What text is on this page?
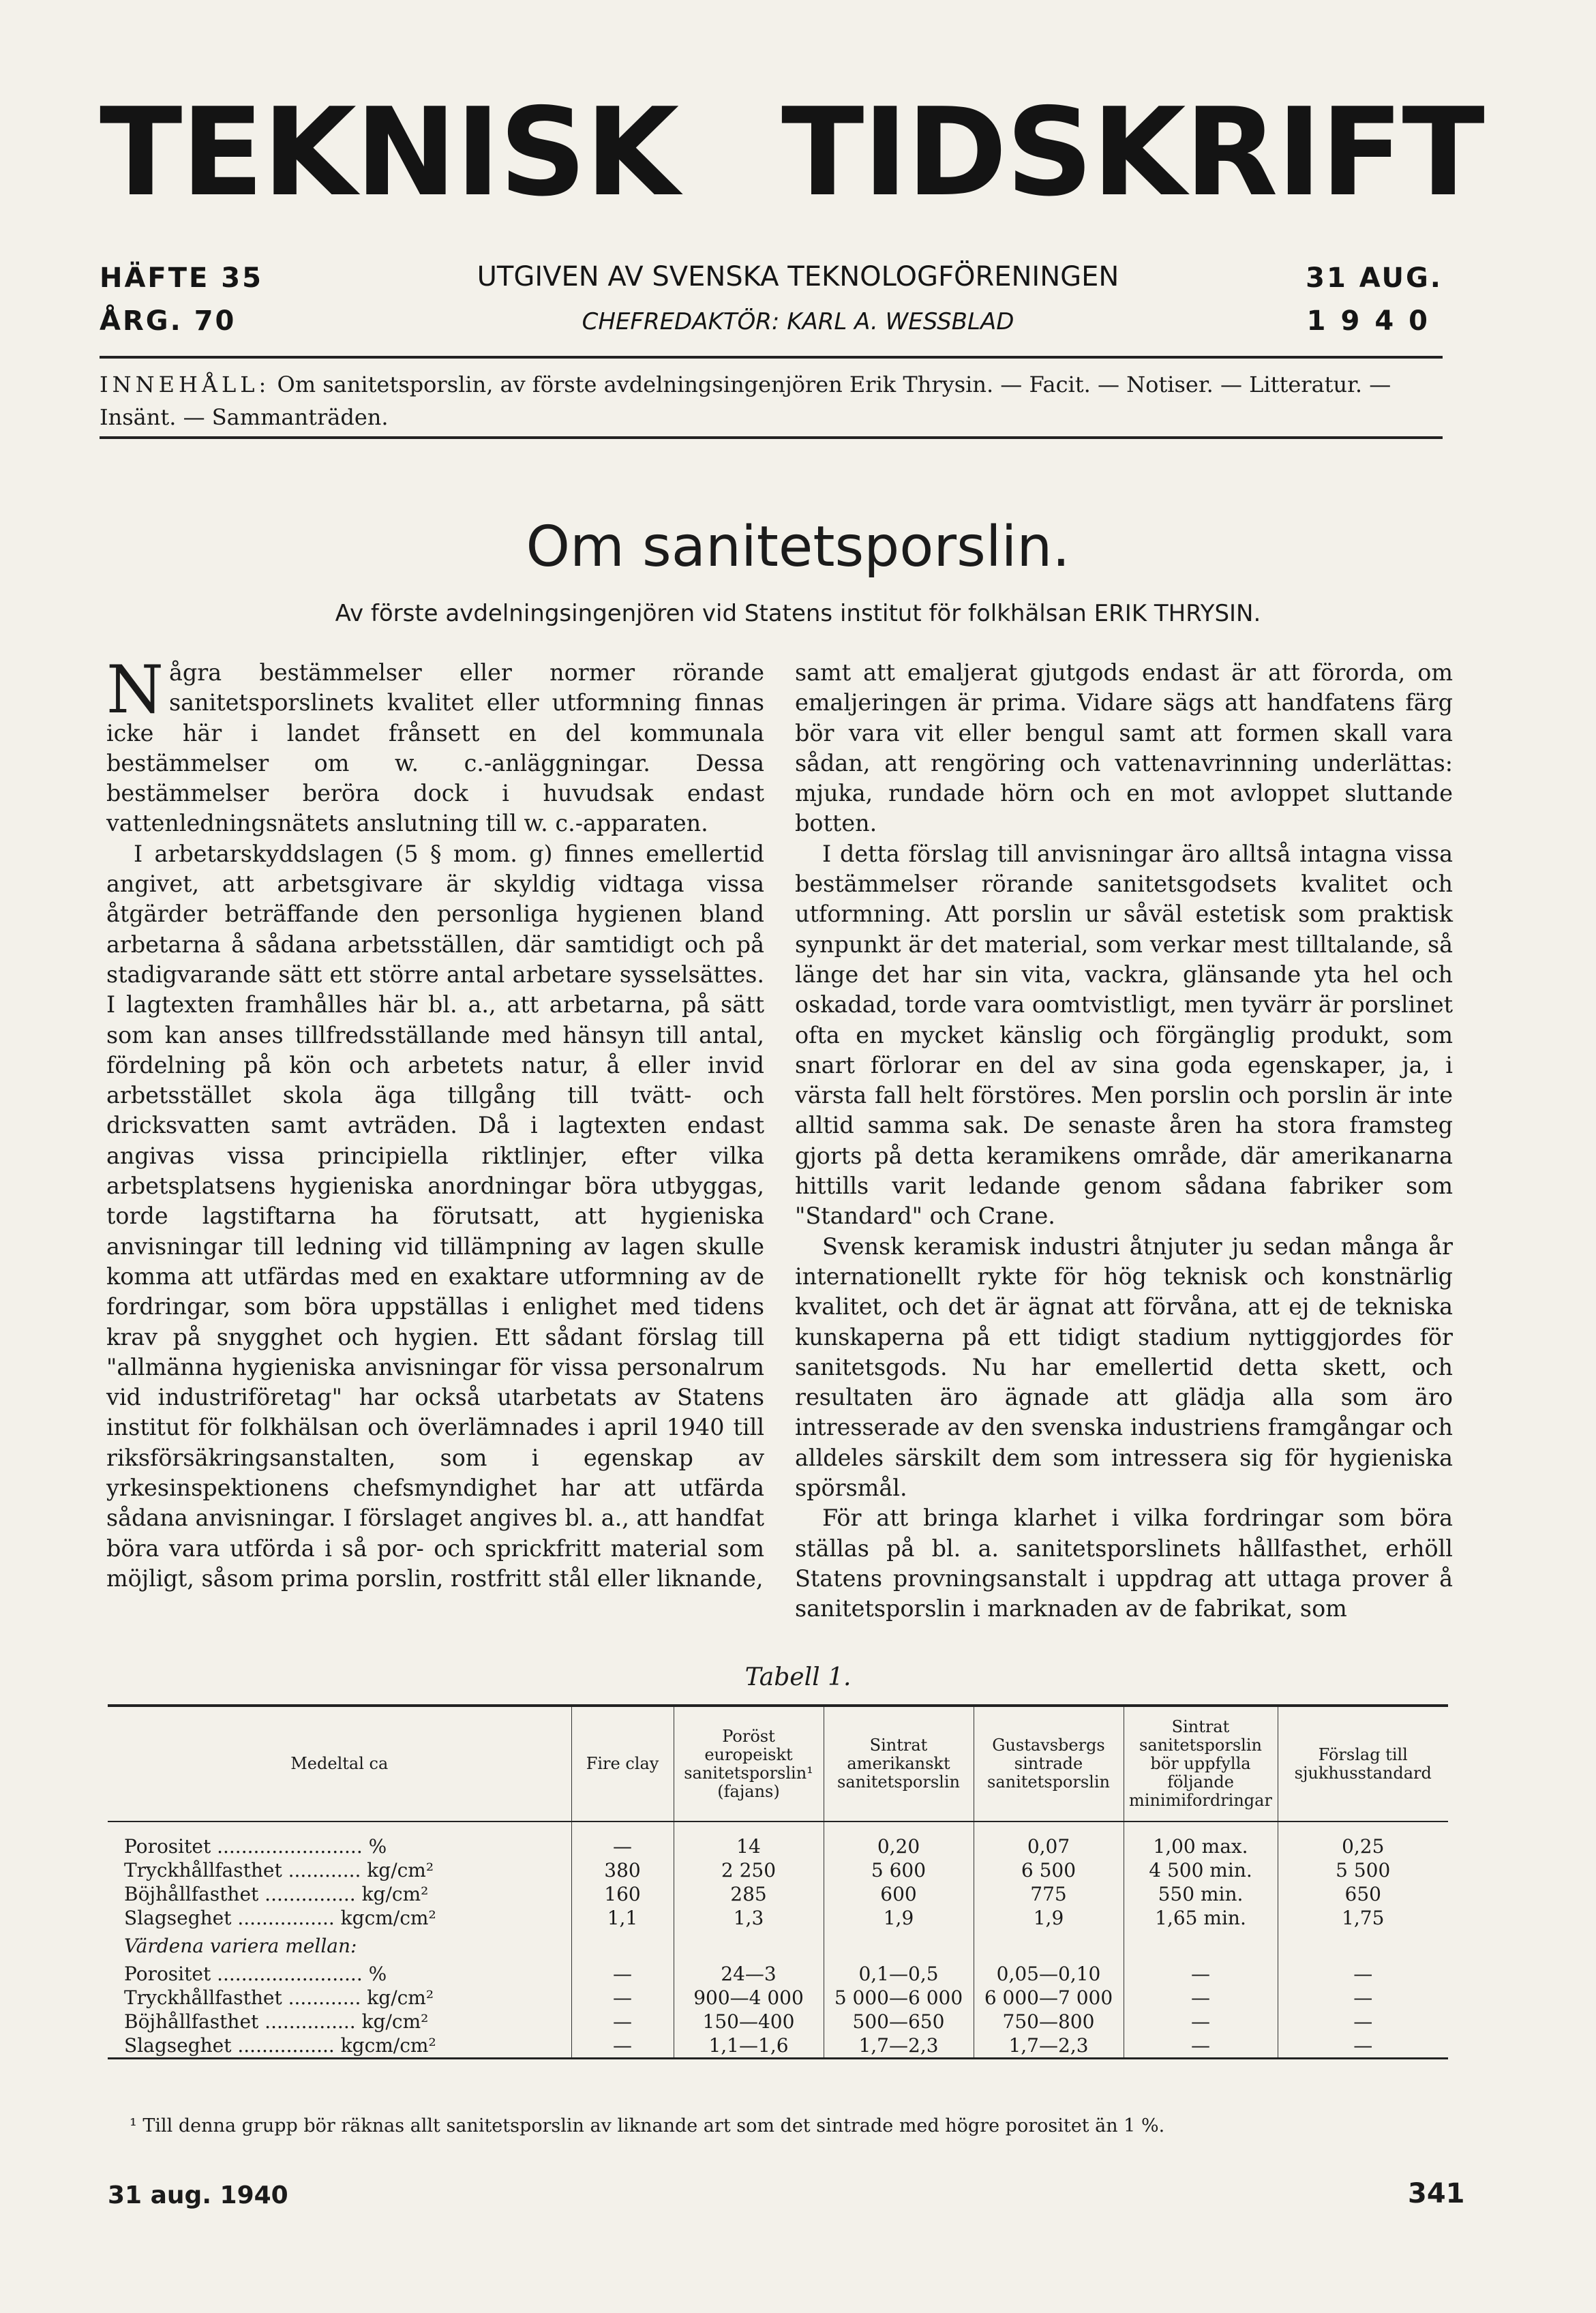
TEKNISK TIDSKRIFT
HÄFTE 35
ÅRG. 70
UTGIVEN AV SVENSKA TEKNOLOGFÖRENINGEN
CHEFREDAKTÖR: KARL A. WESSBLAD
31 AUG.
1940
INNEHÅLL: Om sanitetsporslin, av förste avdelningsingenjören Erik Thrysin. — Facit. — Notiser. — Litteratur. — Insänt. — Sammanträden.
Om sanitetsporslin.
Av förste avdelningsingenjören vid Statens institut för folkhälsan ERIK THRYSIN.

Några bestämmelser eller normer rörande sanitetsporslinets kvalitet eller utformning finnas icke här i landet frånsett en del kommunala bestämmelser om w. c.-anläggningar. Dessa bestämmelser beröra dock i huvudsak endast vattenledningsnätets anslutning till w. c.-apparaten.

I arbetarskyddslagen (5 § mom. g) finnes emellertid angivet, att arbetsgivare är skyldig vidtaga vissa åtgärder beträffande den personliga hygienen bland arbetarna å sådana arbetsställen, där samtidigt och på stadigvarande sätt ett större antal arbetare sysselsättes. I lagtexten framhålles här bl. a., att arbetarna, på sätt som kan anses tillfredsställande med hänsyn till antal, fördelning på kön och arbetets natur, å eller invid arbetsstället skola äga tillgång till tvätt- och dricksvatten samt avträden. Då i lagtexten endast angivas vissa principiella riktlinjer, efter vilka arbetsplatsens hygieniska anordningar böra utbyggas, torde lagstiftarna ha förutsatt, att hygieniska anvisningar till ledning vid tillämpning av lagen skulle komma att utfärdas med en exaktare utformning av de fordringar, som böra uppställas i enlighet med tidens krav på snygghet och hygien. Ett sådant förslag till "allmänna hygieniska anvisningar för vissa personalrum vid industriföretag" har också utarbetats av Statens institut för folkhälsan och överlämnades i april 1940 till riksförsäkringsanstalten, som i egenskap av yrkesinspektionens chefsmyndighet har att utfärda sådana anvisningar. I förslaget angives bl. a., att handfat böra vara utförda i så por- och sprickfritt material som möjligt, såsom prima porslin, rostfritt stål eller liknande,

samt att emaljerat gjutgods endast är att förorda, om emaljeringen är prima. Vidare sägs att handfatens färg bör vara vit eller bengul samt att formen skall vara sådan, att rengöring och vattenavrinning underlättas: mjuka, rundade hörn och en mot avloppet sluttande botten.

I detta förslag till anvisningar äro alltså intagna vissa bestämmelser rörande sanitetsgodsets kvalitet och utformning. Att porslin ur såväl estetisk som praktisk synpunkt är det material, som verkar mest tilltalande, så länge det har sin vita, vackra, glänsande yta hel och oskadad, torde vara oomtvistligt, men tyvärr är porslinet ofta en mycket känslig och förgänglig produkt, som snart förlorar en del av sina goda egenskaper, ja, i värsta fall helt förstöres. Men porslin och porslin är inte alltid samma sak. De senaste åren ha stora framsteg gjorts på detta keramikens område, där amerikanarna hittills varit ledande genom sådana fabriker som "Standard" och Crane.

Svensk keramisk industri åtnjuter ju sedan många år internationellt rykte för hög teknisk och konstnärlig kvalitet, och det är ägnat att förvåna, att ej de tekniska kunskaperna på ett tidigt stadium nyttiggjordes för sanitetsgods. Nu har emellertid detta skett, och resultaten äro ägnade att glädja alla som äro intresserade av den svenska industriens framgångar och alldeles särskilt dem som intressera sig för hygieniska spörsmål.

För att bringa klarhet i vilka fordringar som böra ställas på bl. a. sanitetsporslinets hållfasthet, erhöll Statens provningsanstalt i uppdrag att uttaga prover å sanitetsporslin i marknaden av de fabrikat, som

Tabell 1.
Medeltal ca	Fire clay	Poröst europeiskt sanitetsporslin¹ (fajans)	Sintrat amerikanskt sanitetsporslin	Gustavsbergs sintrade sanitetsporslin	Sintrat sanitetsporslin bör uppfylla följande minimifordringar	Förslag till sjukhusstandard

Porositet ........................ %	—	14	0,20	0,07	1,00 max.	0,25
Tryckhållfasthet ............ kg/cm²	380	2 250	5 600	6 500	4 500 min.	5 500
Böjhållfasthet ............... kg/cm²	160	285	600	775	550 min.	650
Slagseghet ................ kgcm/cm²	1,1	1,3	1,9	1,9	1,65 min.	1,75
Värdena variera mellan:						
Porositet ........................ %	—	24—3	0,1—0,5	0,05—0,10	—	—
Tryckhållfasthet ............ kg/cm²	—	900—4 000	5 000—6 000	6 000—7 000	—	—
Böjhållfasthet ............... kg/cm²	—	150—400	500—650	750—800	—	—
Slagseghet ................ kgcm/cm²	—	1,1—1,6	1,7—2,3	1,7—2,3	—	—
¹ Till denna grupp bör räknas allt sanitetsporslin av liknande art som det sintrade med högre porositet än 1 %.
31 aug. 1940	341
